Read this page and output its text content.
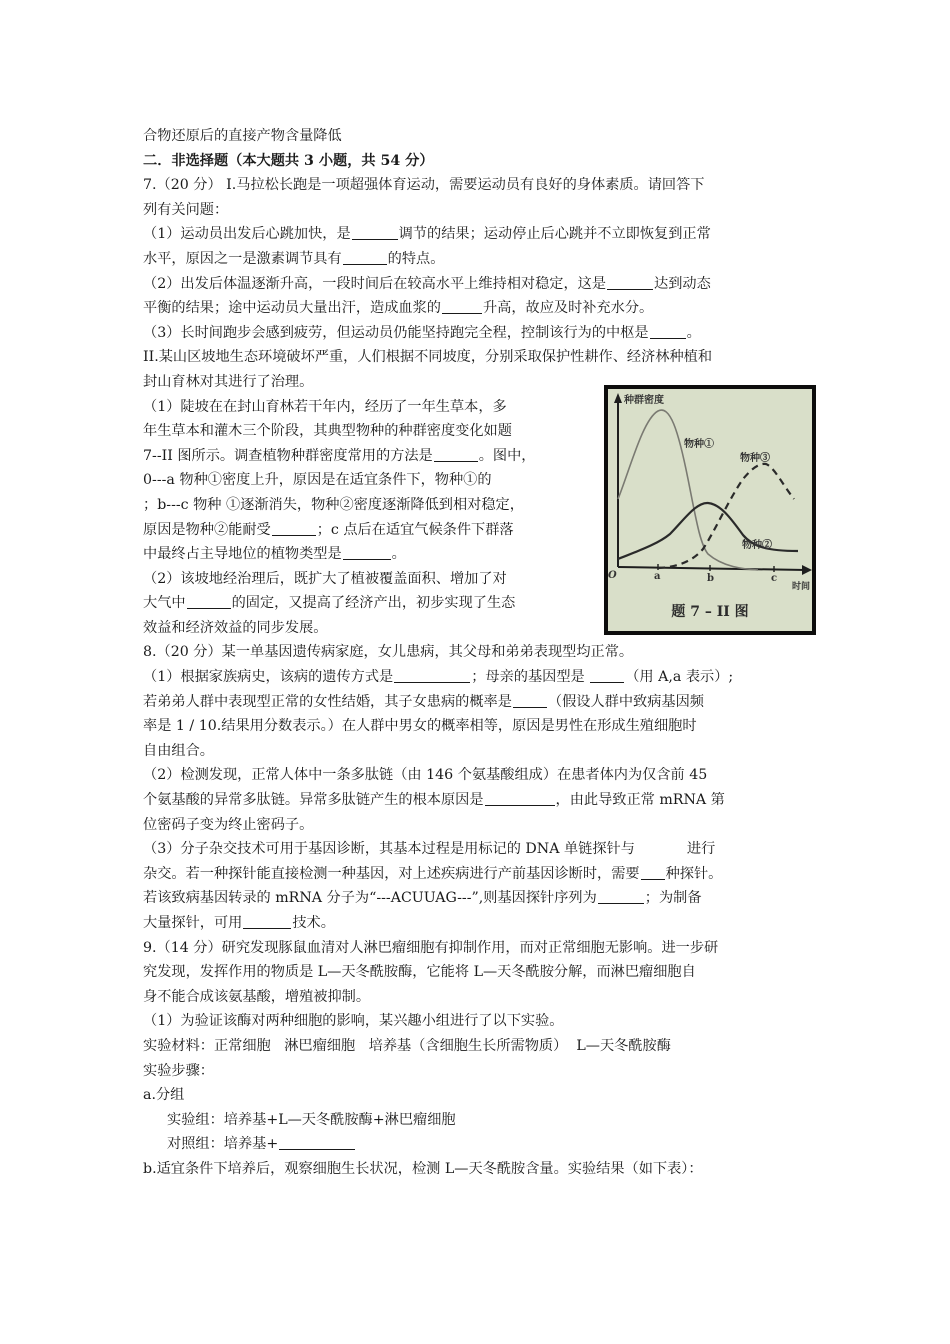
合物还原后的直接产物含量降低
二．非选择题（本大题共 3 小题，共 54 分）
7.（20 分） I.马拉松长跑是一项超强体育运动，需要运动员有良好的身体素质。请回答下
列有关问题：
（1）运动员出发后心跳加快，是	调节的结果；运动停止后心跳并不立即恢复到正常
水平，原因之一是激素调节具有	的特点。
（2）出发后体温逐渐升高，一段时间后在较高水平上维持相对稳定，这是	达到动态
平衡的结果；途中运动员大量出汗，造成血浆的	升高，故应及时补充水分。
（3）长时间跑步会感到疲劳，但运动员仍能坚持跑完全程，控制该行为的中枢是	。
II.某山区坡地生态环境破坏严重，人们根据不同坡度，分别采取保护性耕作、经济林种植和
封山育林对其进行了治理。
（1）陡坡在在封山育林若干年内，经历了一年生草本，多
年生草本和灌木三个阶段，其典型物种的种群密度变化如题
7--II 图所示。调查植物种群密度常用的方法是	。图中，
0---a 物种①密度上升，原因是在适宜条件下，物种①的
；b---c 物种 ①逐渐消失，物种②密度逐渐降低到相对稳定，
原因是物种②能耐受	；c 点后在适宜气候条件下群落
中最终占主导地位的植物类型是	。
（2）该坡地经治理后，既扩大了植被覆盖面积、增加了对
大气中	的固定，又提高了经济产出，初步实现了生态
效益和经济效益的同步发展。
8.（20 分）某一单基因遗传病家庭，女儿患病，其父母和弟弟表现型均正常。
（1）根据家族病史，该病的遗传方式是	；母亲的基因型是	（用 A,a 表示）;
若弟弟人群中表现型正常的女性结婚，其子女患病的概率是	（假设人群中致病基因频
率是 1 / 10.结果用分数表示。）在人群中男女的概率相等，原因是男性在形成生殖细胞时
自由组合。
（2）检测发现，正常人体中一条多肽链（由 146 个氨基酸组成）在患者体内为仅含前 45
个氨基酸的异常多肽链。异常多肽链产生的根本原因是	，由此导致正常 mRNA 第
位密码子变为终止密码子。
（3）分子杂交技术可用于基因诊断，其基本过程是用标记的 DNA 单链探针与	进行
杂交。若一种探针能直接检测一种基因，对上述疾病进行产前基因诊断时，需要 种探针。
若该致病基因转录的 mRNA 分子为“---ACUUAG---”,则基因探针序列为	；为制备
大量探针，可用	技术。
9.（14 分）研究发现豚鼠血清对人淋巴瘤细胞有抑制作用，而对正常细胞无影响。进一步研
究发现，发挥作用的物质是 L—天冬酰胺酶，它能将 L—天冬酰胺分解，而淋巴瘤细胞自
身不能合成该氨基酸，增殖被抑制。
（1）为验证该酶对两种细胞的影响，某兴趣小组进行了以下实验。
实验材料：正常细胞   淋巴瘤细胞   培养基（含细胞生长所需物质）  L—天冬酰胺酶
实验步骤：
a.分组
实验组：培养基+L—天冬酰胺酶+淋巴瘤细胞
对照组：培养基+
b.适宜条件下培养后，观察细胞生长状况，检测 L—天冬酰胺含量。实验结果（如下表）：
种群密度
物种①
物种②
物种③
O	a	b	c
时间
题 7 – II 图
